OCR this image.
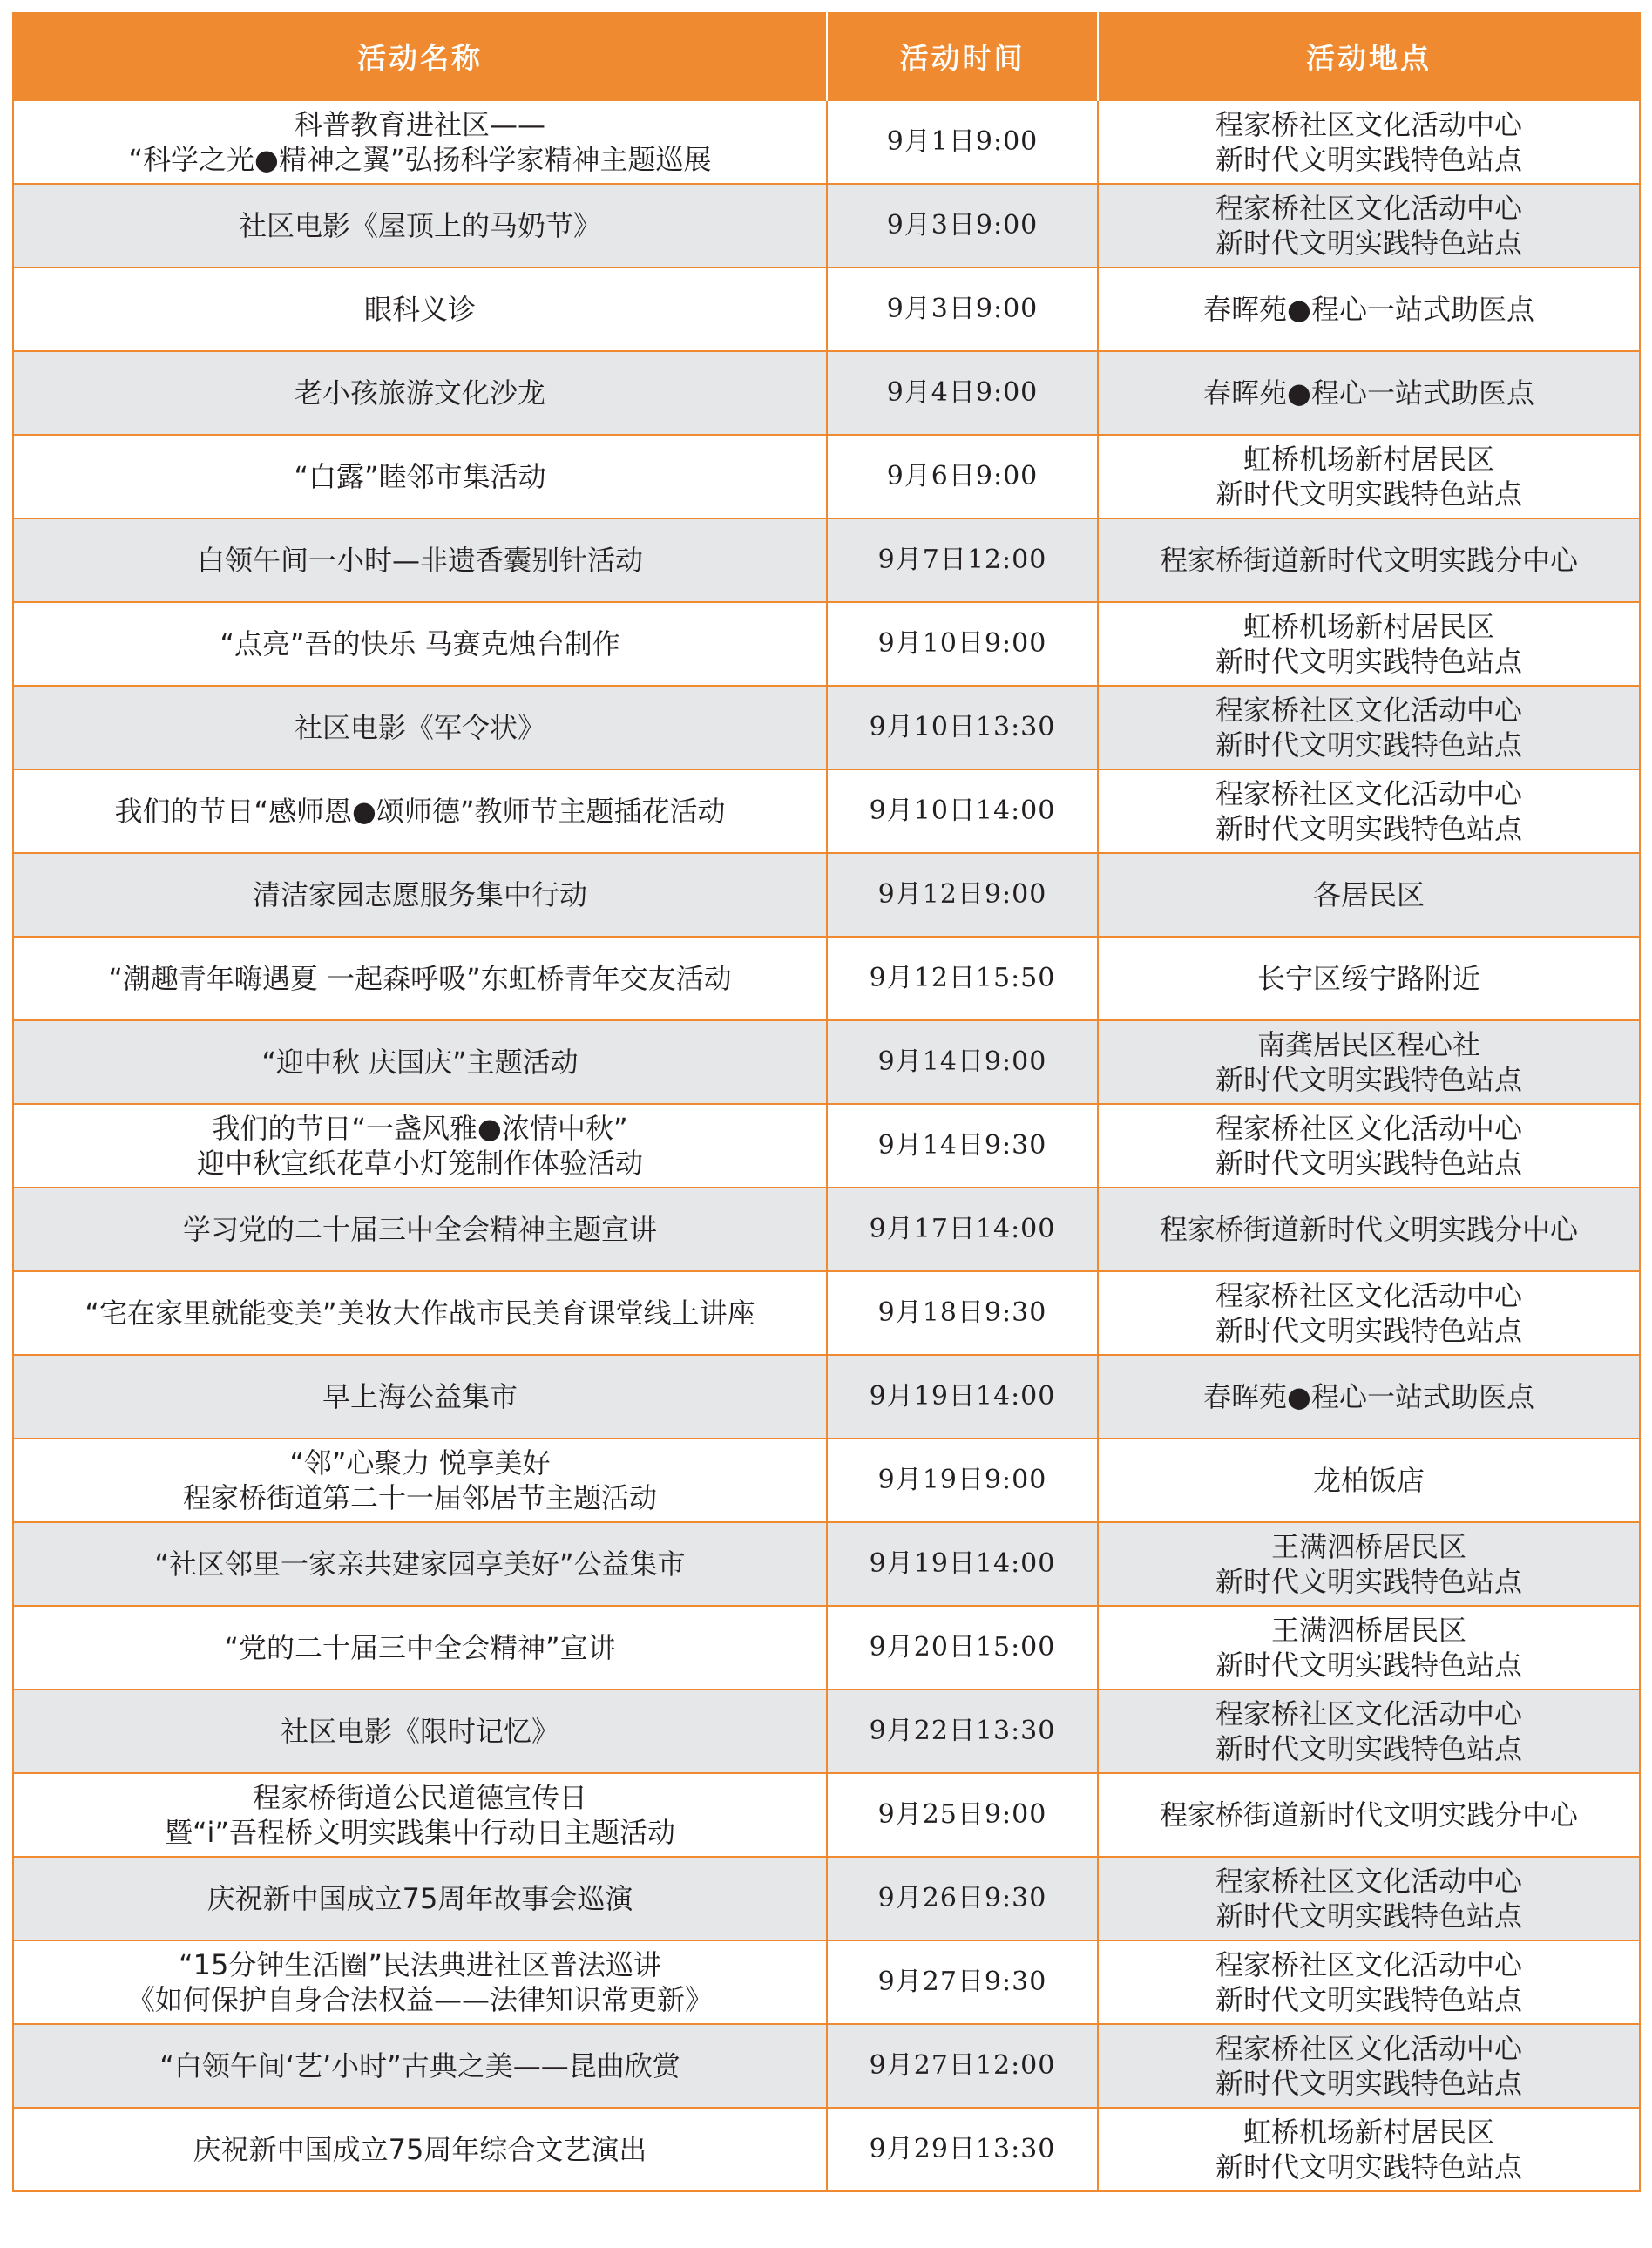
活动名称	活动时间	活动地点
科普教育进社区——
“科学之光●精神之翼”弘扬科学家精神主题巡展	9月1日9:00	程家桥社区文化活动中心
新时代文明实践特色站点
社区电影《屋顶上的马奶节》	9月3日9:00	程家桥社区文化活动中心
新时代文明实践特色站点
眼科义诊	9月3日9:00	春晖苑●程心一站式助医点
老小孩旅游文化沙龙	9月4日9:00	春晖苑●程心一站式助医点
“白露”睦邻市集活动	9月6日9:00	虹桥机场新村居民区
新时代文明实践特色站点
白领午间一小时—非遗香囊别针活动	9月7日12:00	程家桥街道新时代文明实践分中心
“点亮”吾的快乐 马赛克烛台制作	9月10日9:00	虹桥机场新村居民区
新时代文明实践特色站点
社区电影《军令状》	9月10日13:30	程家桥社区文化活动中心
新时代文明实践特色站点
我们的节日“感师恩●颂师德”教师节主题插花活动	9月10日14:00	程家桥社区文化活动中心
新时代文明实践特色站点
清洁家园志愿服务集中行动	9月12日9:00	各居民区
“潮趣青年嗨遇夏 一起森呼吸”东虹桥青年交友活动	9月12日15:50	长宁区绥宁路附近
“迎中秋 庆国庆”主题活动	9月14日9:00	南龚居民区程心社
新时代文明实践特色站点
我们的节日“一盏风雅●浓情中秋”
迎中秋宣纸花草小灯笼制作体验活动	9月14日9:30	程家桥社区文化活动中心
新时代文明实践特色站点
学习党的二十届三中全会精神主题宣讲	9月17日14:00	程家桥街道新时代文明实践分中心
“宅在家里就能变美”美妆大作战市民美育课堂线上讲座	9月18日9:30	程家桥社区文化活动中心
新时代文明实践特色站点
早上海公益集市	9月19日14:00	春晖苑●程心一站式助医点
“邻”心聚力 悦享美好
程家桥街道第二十一届邻居节主题活动	9月19日9:00	龙柏饭店
“社区邻里一家亲共建家园享美好”公益集市	9月19日14:00	王满泗桥居民区
新时代文明实践特色站点
“党的二十届三中全会精神”宣讲	9月20日15:00	王满泗桥居民区
新时代文明实践特色站点
社区电影《限时记忆》	9月22日13:30	程家桥社区文化活动中心
新时代文明实践特色站点
程家桥街道公民道德宣传日
暨“i”吾程桥文明实践集中行动日主题活动	9月25日9:00	程家桥街道新时代文明实践分中心
庆祝新中国成立75周年故事会巡演	9月26日9:30	程家桥社区文化活动中心
新时代文明实践特色站点
“15分钟生活圈”民法典进社区普法巡讲
《如何保护自身合法权益——法律知识常更新》	9月27日9:30	程家桥社区文化活动中心
新时代文明实践特色站点
“白领午间‘艺’小时”古典之美——昆曲欣赏	9月27日12:00	程家桥社区文化活动中心
新时代文明实践特色站点
庆祝新中国成立75周年综合文艺演出	9月29日13:30	虹桥机场新村居民区
新时代文明实践特色站点
